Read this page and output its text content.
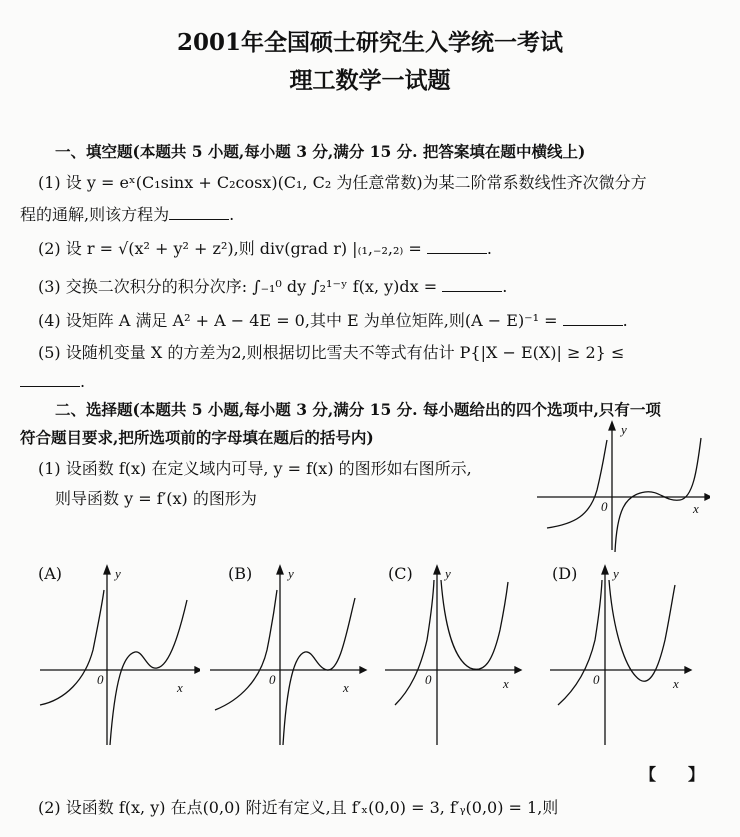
2001年全国硕士研究生入学统一考试
理工数学一试题
一、填空题(本题共 5 小题,每小题 3 分,满分 15 分. 把答案填在题中横线上)
(1) 设 y = eˣ(C₁sinx + C₂cosx)(C₁, C₂ 为任意常数)为某二阶常系数线性齐次微分方
程的通解,则该方程为	.
(2) 设 r = √(x² + y² + z²),则 div(grad r) |₍₁,₋₂,₂₎ =	.
(3) 交换二次积分的积分次序: ∫₋₁⁰ dy ∫₂¹⁻ʸ f(x, y)dx =	.
(4) 设矩阵 A 满足 A² + A − 4E = 0,其中 E 为单位矩阵,则(A − E)⁻¹ =	.
(5) 设随机变量 X 的方差为2,则根据切比雪夫不等式有估计 P{|X − E(X)| ≥ 2} ≤
.
二、选择题(本题共 5 小题,每小题 3 分,满分 15 分. 每小题给出的四个选项中,只有一项
符合题目要求,把所选项前的字母填在题后的括号内)
(1) 设函数 f(x) 在定义域内可导, y = f(x) 的图形如右图所示,
则导函数 y = f′(x) 的图形为
y
0	x
(A)	y
0
x
(B)	y
0
x
(C) y
0	x
(D)	y
0	x
【　　】
(2) 设函数 f(x, y) 在点(0,0) 附近有定义,且 f′ₓ(0,0) = 3, f′ᵧ(0,0) = 1,则
